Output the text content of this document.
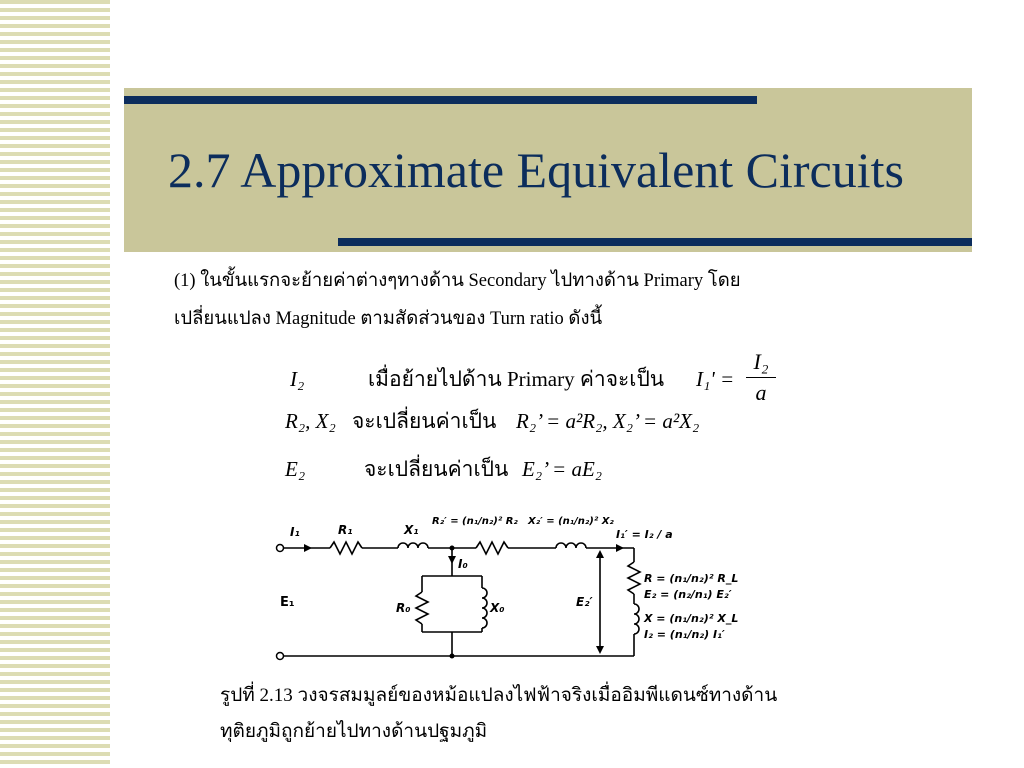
2.7 Approximate Equivalent Circuits
(1) ในขั้นแรกจะย้ายค่าต่างๆทางด้าน Secondary ไปทางด้าน Primary โดย
เปลี่ยนแปลง Magnitude ตามสัดส่วนของ Turn ratio ดังนี้
I₂	เมื่อย้ายไปด้าน Primary ค่าจะเป็น I₁' =
I₂
a
R₂, X₂ จะเปลี่ยนค่าเป็น R₂’ = a²R₂, X₂’ = a²X₂
E₂	จะเปลี่ยนค่าเป็น E₂’ = aE₂
I₁	R₁	X₁
R₂′ = (n₁/n₂)² R₂ X₂′ = (n₁/n₂)² X₂
I₁′ = I₂ / a
I₀
R₀	X₀
E₁	E₂′
R = (n₁/n₂)² R_L
E₂ = (n₂/n₁) E₂′
X = (n₁/n₂)² X_L
I₂ = (n₁/n₂) I₁′
รูปที่ 2.13 วงจรสมมูลย์ของหม้อแปลงไฟฟ้าจริงเมื่ออิมพีแดนซ์ทางด้าน
ทุติยภูมิถูกย้ายไปทางด้านปฐมภูมิ
